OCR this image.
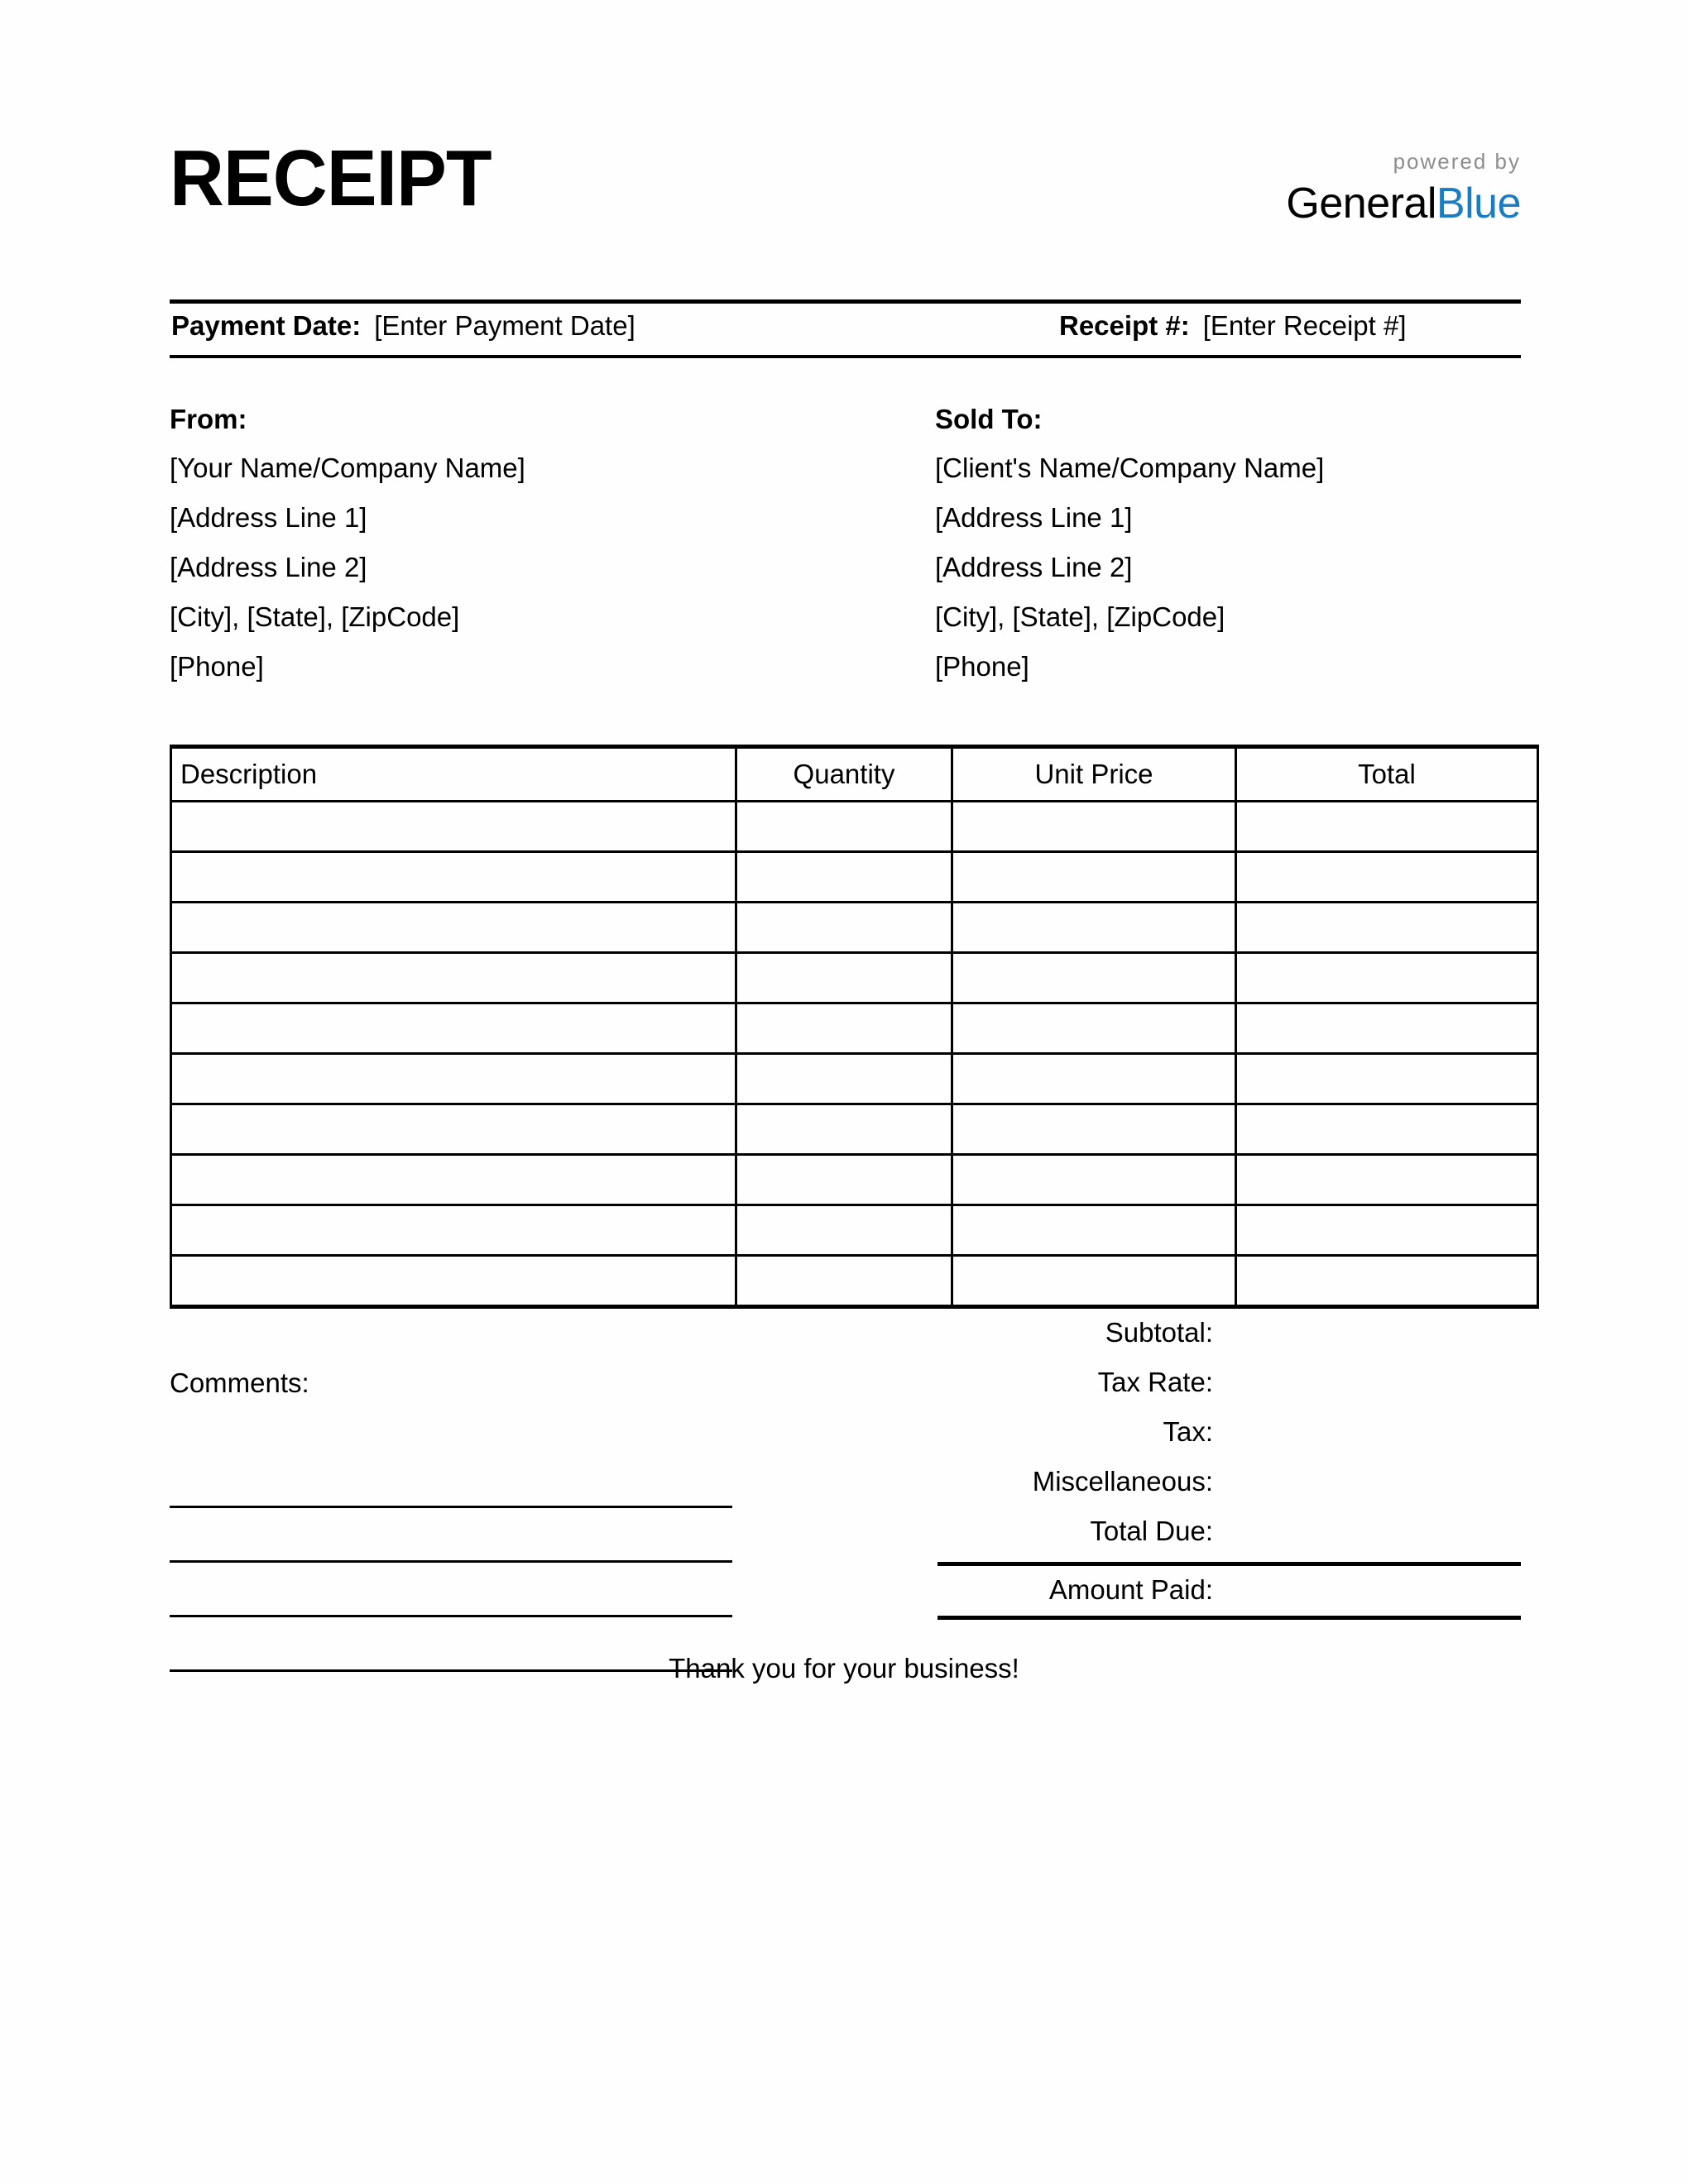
RECEIPT	powered by
GeneralBlue
Payment Date: [Enter Payment Date]	Receipt #: [Enter Receipt #]
From:
[Your Name/Company Name]
[Address Line 1]
[Address Line 2]
[City], [State], [ZipCode]
[Phone]
Sold To:
[Client's Name/Company Name]
[Address Line 1]
[Address Line 2]
[City], [State], [ZipCode]
[Phone]
Description	Quantity	Unit Price	Total

Comments:
Subtotal:
Tax Rate:
Tax:
Miscellaneous:
Total Due:
Amount Paid:
Thank you for your business!
